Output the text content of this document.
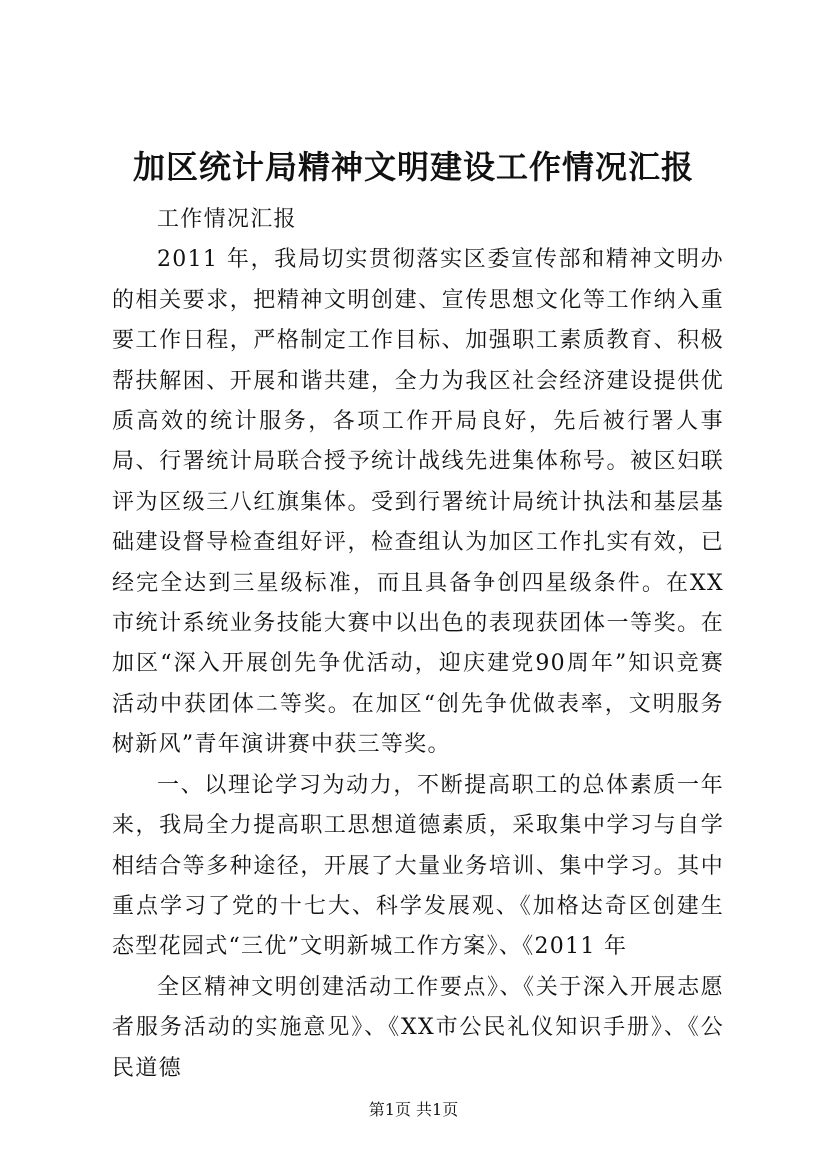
加区统计局精神文明建设工作情况汇报

工作情况汇报

2011 年，我局切实贯彻落实区委宣传部和精神文明办的相关要求，把精神文明创建、宣传思想文化等工作纳入重要工作日程，严格制定工作目标、加强职工素质教育、积极帮扶解困、开展和谐共建，全力为我区社会经济建设提供优质高效的统计服务，各项工作开局良好，先后被行署人事局、行署统计局联合授予统计战线先进集体称号。被区妇联评为区级三八红旗集体。受到行署统计局统计执法和基层基础建设督导检查组好评，检查组认为加区工作扎实有效，已经完全达到三星级标准，而且具备争创四星级条件。在XX市统计系统业务技能大赛中以出色的表现获团体一等奖。在加区“深入开展创先争优活动，迎庆建党90周年”知识竞赛活动中获团体二等奖。在加区“创先争优做表率，文明服务树新风”青年演讲赛中获三等奖。

一、以理论学习为动力，不断提高职工的总体素质一年来，我局全力提高职工思想道德素质，采取集中学习与自学相结合等多种途径，开展了大量业务培训、集中学习。其中重点学习了党的十七大、科学发展观、《加格达奇区创建生态型花园式“三优”文明新城工作方案》、《2011 年

全区精神文明创建活动工作要点》、《关于深入开展志愿者服务活动的实施意见》、《XX市公民礼仪知识手册》、《公民道德

第1页 共1页
